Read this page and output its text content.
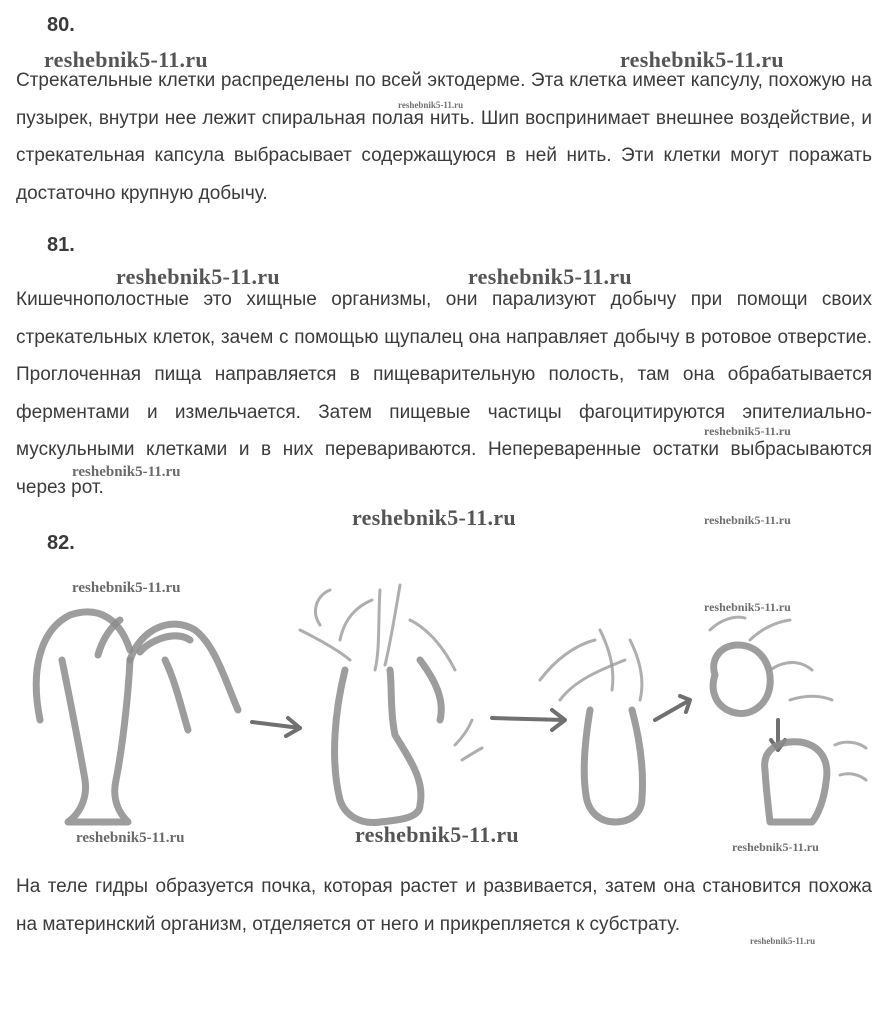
80.
reshebnik5-11.ru	reshebnik5-11.ru

Стрекательные клетки распределены по всей эктодерме. Эта клетка имеет капсулу, похожую на пузырек, внутри нее лежит спиральная полая нить. Шип воспринимает внешнее воздействие, и стрекательная капсула выбрасывает содержащуюся в ней нить. Эти клетки могут поражать достаточно крупную добычу.

reshebnik5-11.ru
81.
reshebnik5-11.ru	reshebnik5-11.ru

Кишечнополостные это хищные организмы, они парализуют добычу при помощи своих стрекательных клеток, зачем с помощью щупалец она направляет добычу в ротовое отверстие. Проглоченная пища направляется в пищеварительную полость, там она обрабатывается ферментами и измельчается. Затем пищевые частицы фагоцитируются эпителиально-мускульными клетками и в них перевариваются. Непереваренные остатки выбрасываются через рот.

reshebnik5-11.ru
reshebnik5-11.ru
reshebnik5-11.ru	reshebnik5-11.ru
82.
reshebnik5-11.ru
reshebnik5-11.ru
reshebnik5-11.ru	reshebnik5-11.ru	reshebnik5-11.ru

На теле гидры образуется почка, которая растет и развивается, затем она становится похожа на материнский организм, отделяется от него и прикрепляется к субстрату.

reshebnik5-11.ru
